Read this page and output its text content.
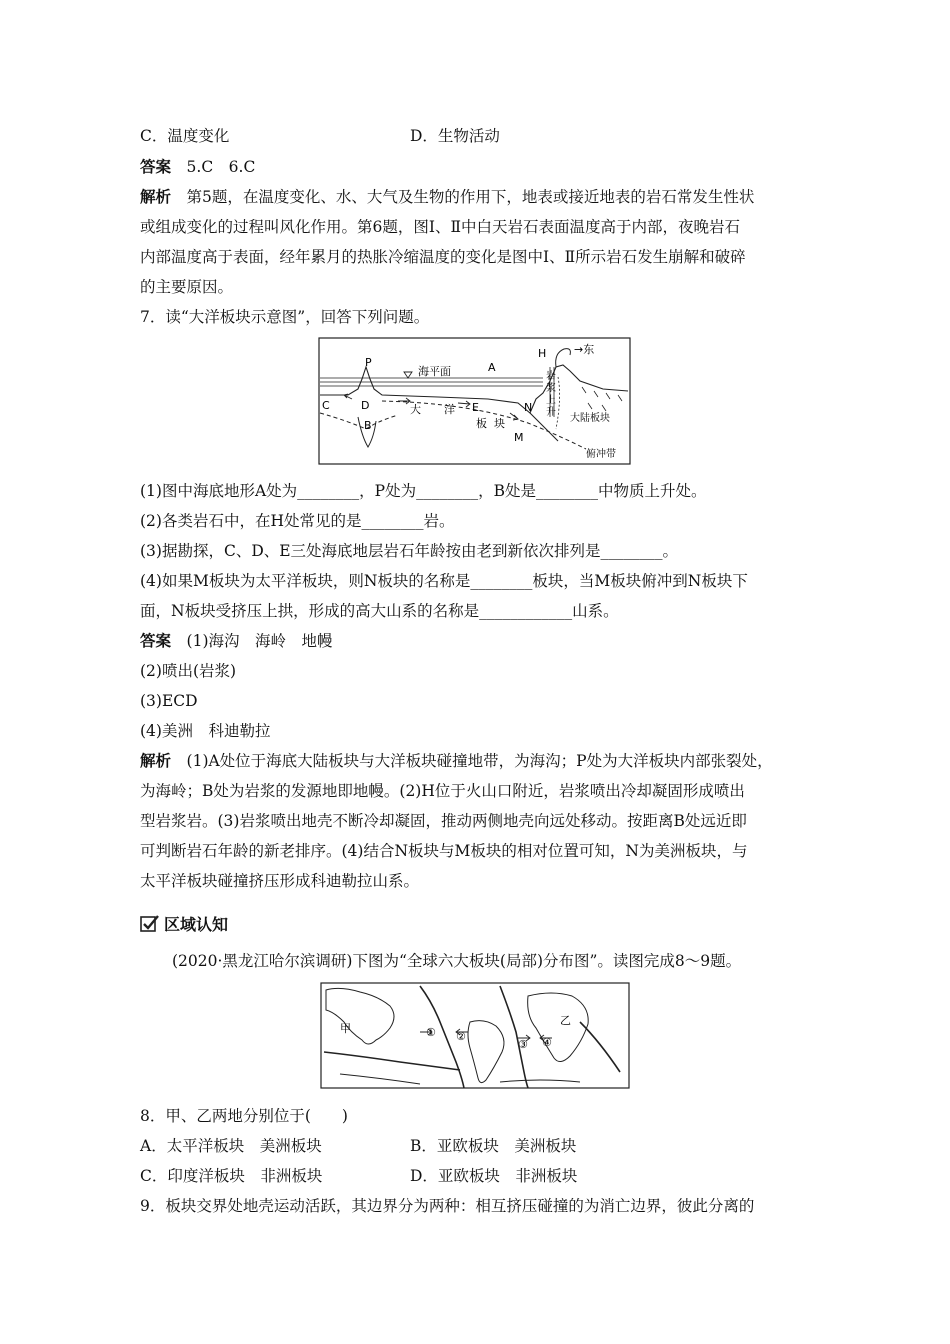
C．温度变化	D．生物活动
答案　 5.C　6.C
解析　 第5题，在温度变化、水、大气及生物的作用下，地表或接近地表的岩石常发生性状
或组成变化的过程叫风化作用。第6题，图Ⅰ、Ⅱ中白天岩石表面温度高于内部，夜晚岩石
内部温度高于表面，经年累月的热胀冷缩温度的变化是图中Ⅰ、Ⅱ所示岩石发生崩解和破碎
的主要原因。
7．读“大洋板块示意图”，回答下列问题。
H	→东
P
海平面	A
岩
浆
上
升
C	D
B
大 洋
板 块
E	N
大陆板块
M
俯冲带
(1)图中海底地形A处为________，P处为________，B处是________中物质上升处。
(2)各类岩石中，在H处常见的是________岩。
(3)据勘探，C、D、E三处海底地层岩石年龄按由老到新依次排列是________。
(4)如果M板块为太平洋板块，则N板块的名称是________板块，当M板块俯冲到N板块下
面，N板块受挤压上拱，形成的高大山系的名称是____________山系。
答案　 (1)海沟　海岭　地幔
(2)喷出(岩浆)
(3)ECD
(4)美洲　科迪勒拉
解析　 (1)A处位于海底大陆板块与大洋板块碰撞地带，为海沟；P处为大洋板块内部张裂处，
为海岭；B处为岩浆的发源地即地幔。(2)H位于火山口附近，岩浆喷出冷却凝固形成喷出
型岩浆岩。(3)岩浆喷出地壳不断冷却凝固，推动两侧地壳向远处移动。按距离B处远近即
可判断岩石年龄的新老排序。(4)结合N板块与M板块的相对位置可知，N为美洲板块，与
太平洋板块碰撞挤压形成科迪勒拉山系。
区域认知
(2020·黑龙江哈尔滨调研)下图为“全球六大板块(局部)分布图”。读图完成8～9题。
甲
乙
① ②
③ ④
8．甲、乙两地分别位于(　　)
A．太平洋板块　美洲板块	B．亚欧板块　美洲板块
C．印度洋板块　非洲板块	D．亚欧板块　非洲板块
9．板块交界处地壳运动活跃，其边界分为两种：相互挤压碰撞的为消亡边界，彼此分离的
